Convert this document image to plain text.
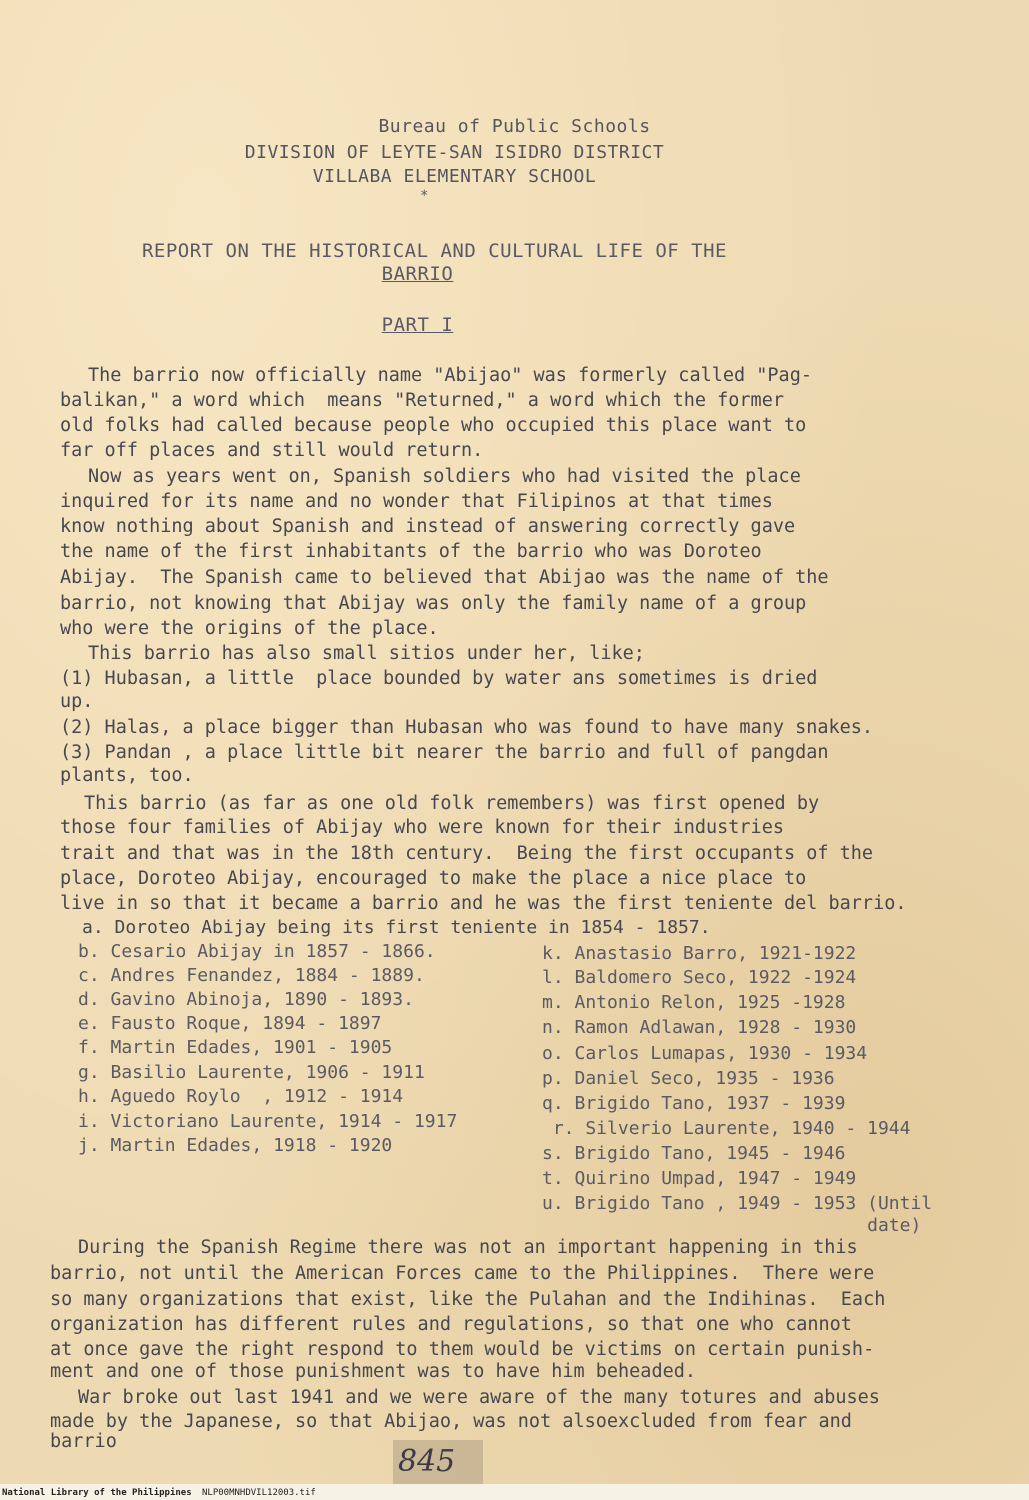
Bureau of Public Schools
DIVISION OF LEYTE-SAN ISIDRO DISTRICT
VILLABA ELEMENTARY SCHOOL
*
REPORT ON THE HISTORICAL AND CULTURAL LIFE OF THE
BARRIO
PART I
The barrio now officially name "Abijao" was formerly called "Pag-
balikan," a word which  means "Returned," a word which the former
old folks had called because people who occupied this place want to
far off places and still would return.
Now as years went on, Spanish soldiers who had visited the place
inquired for its name and no wonder that Filipinos at that times
know nothing about Spanish and instead of answering correctly gave
the name of the first inhabitants of the barrio who was Doroteo
Abijay.  The Spanish came to believed that Abijao was the name of the
barrio, not knowing that Abijay was only the family name of a group
who were the origins of the place.
This barrio has also small sitios under her, like;
(1) Hubasan, a little  place bounded by water ans sometimes is dried
up.
(2) Halas, a place bigger than Hubasan who was found to have many snakes.
(3) Pandan , a place little bit nearer the barrio and full of pangdan
plants, too.
This barrio (as far as one old folk remembers) was first opened by
those four families of Abijay who were known for their industries
trait and that was in the 18th century.  Being the first occupants of the
place, Doroteo Abijay, encouraged to make the place a nice place to
live in so that it became a barrio and he was the first teniente del barrio.
a. Doroteo Abijay being its first teniente in 1854 - 1857.
b. Cesario Abijay in 1857 - 1866.
c. Andres Fenandez, 1884 - 1889.
d. Gavino Abinoja, 1890 - 1893.
e. Fausto Roque, 1894 - 1897
f. Martin Edades, 1901 - 1905
g. Basilio Laurente, 1906 - 1911
h. Aguedo Roylo  , 1912 - 1914
i. Victoriano Laurente, 1914 - 1917
j. Martin Edades, 1918 - 1920
k. Anastasio Barro, 1921-1922
l. Baldomero Seco, 1922 -1924
m. Antonio Relon, 1925 -1928
n. Ramon Adlawan, 1928 - 1930
o. Carlos Lumapas, 1930 - 1934
p. Daniel Seco, 1935 - 1936
q. Brigido Tano, 1937 - 1939
r. Silverio Laurente, 1940 - 1944
s. Brigido Tano, 1945 - 1946
t. Quirino Umpad, 1947 - 1949
u. Brigido Tano , 1949 - 1953 (Until
date)
During the Spanish Regime there was not an important happening in this
barrio, not until the American Forces came to the Philippines.  There were
so many organizations that exist, like the Pulahan and the Indihinas.  Each
organization has different rules and regulations, so that one who cannot
at once gave the right respond to them would be victims on certain punish-
ment and one of those punishment was to have him beheaded.
War broke out last 1941 and we were aware of the many totures and abuses
made by the Japanese, so that Abijao, was not alsoexcluded from fear and
barrio
845
National Library of the Philippines NLP00MNHDVIL12003.tif
